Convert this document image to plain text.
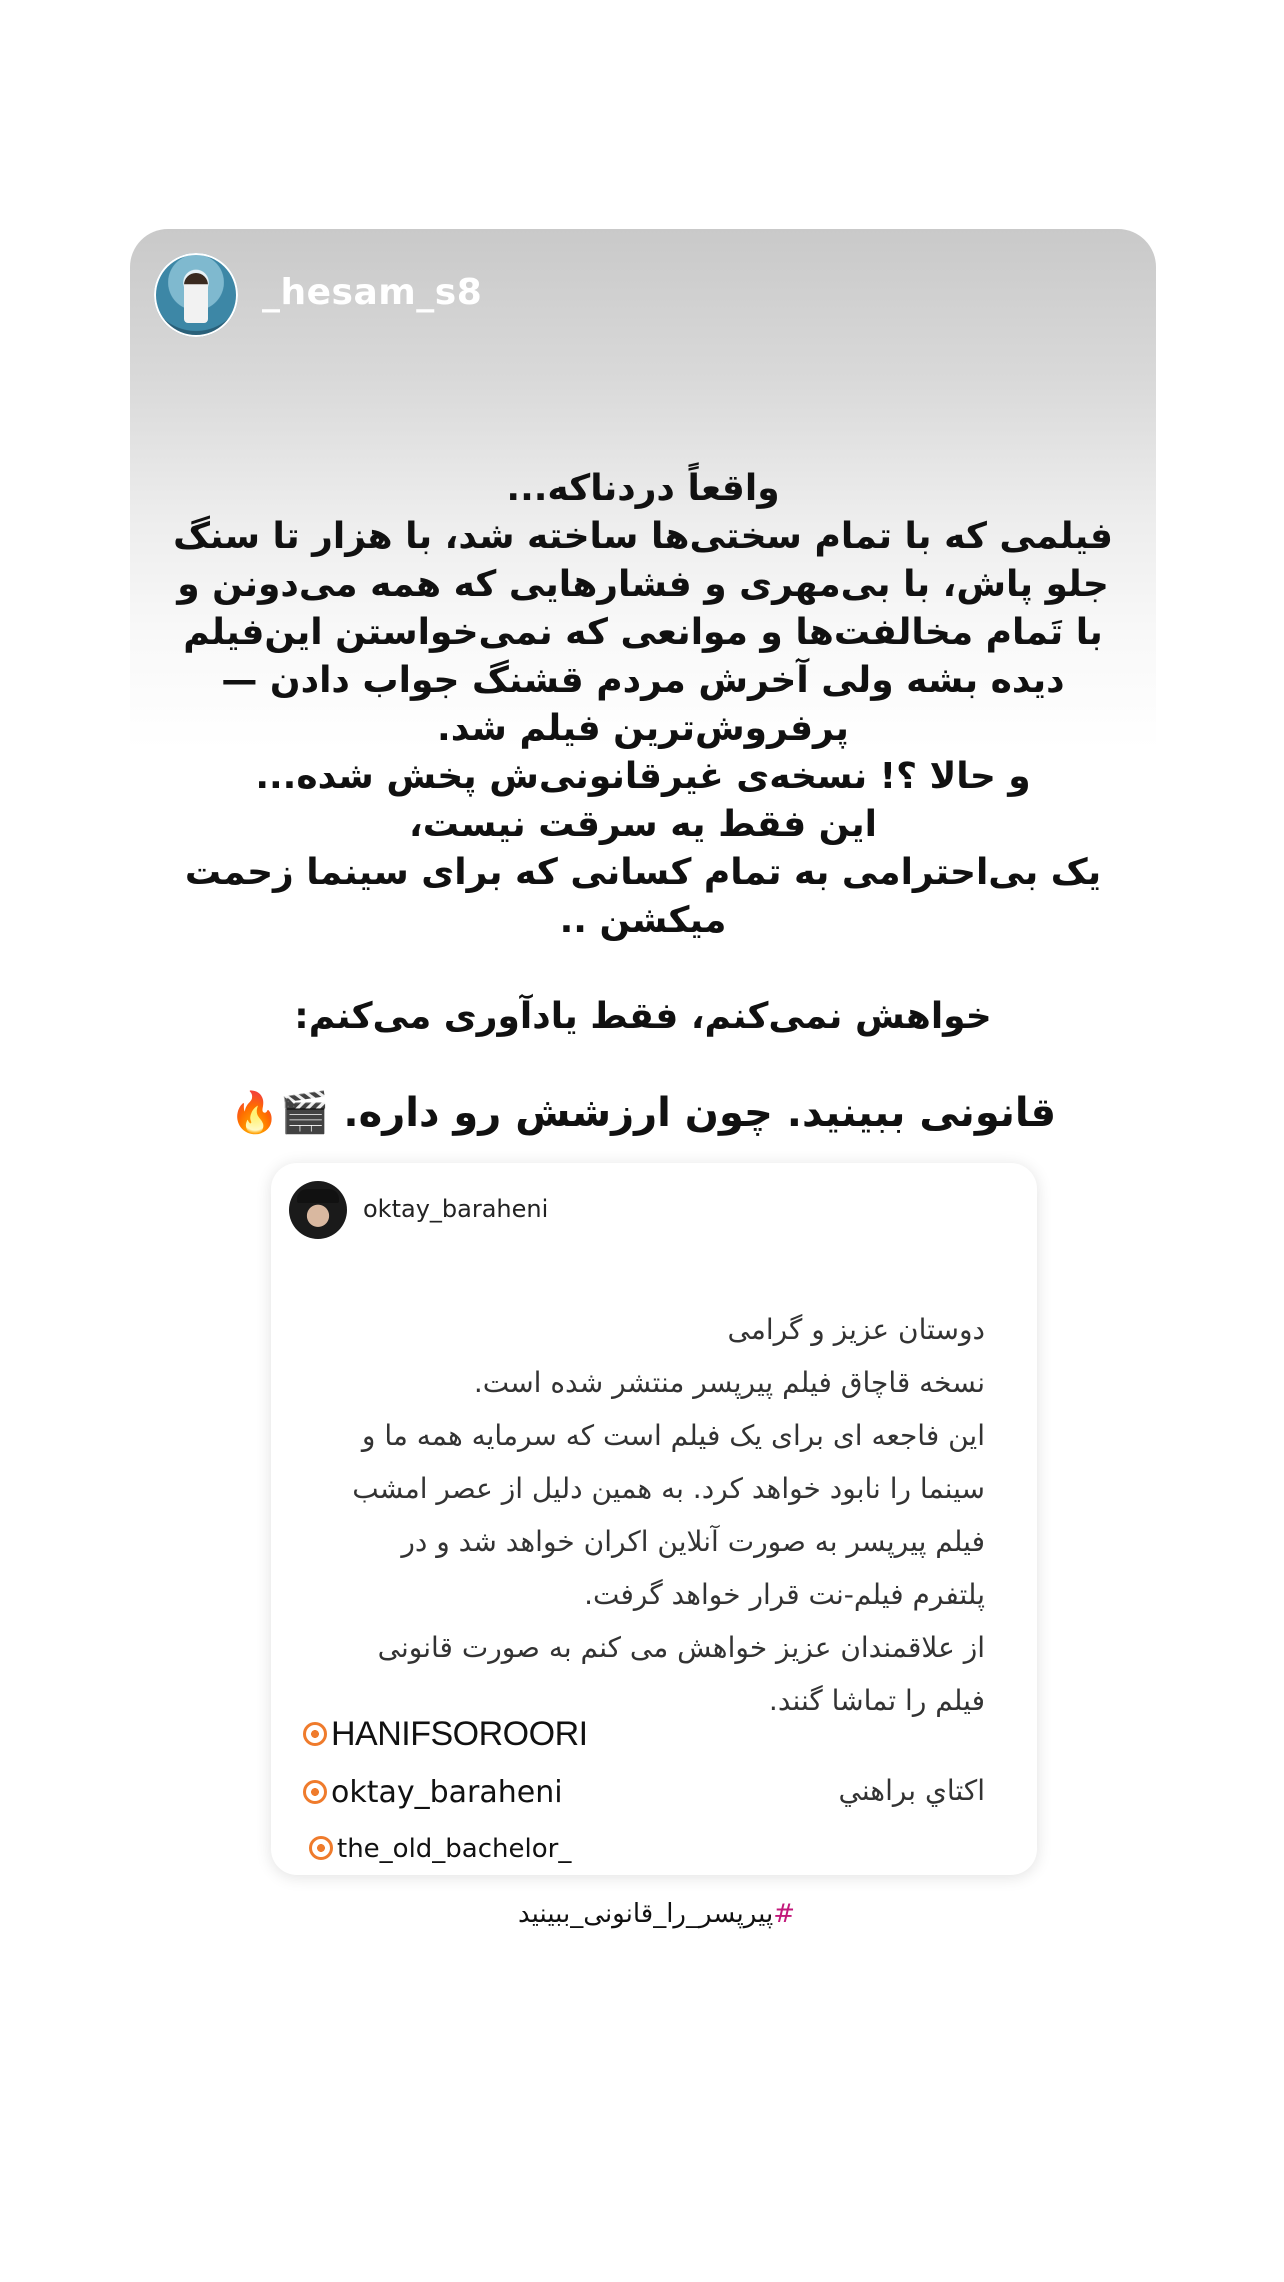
_hesam_s8
واقعاً دردناکه...
فیلمی که با تمام سختی‌ها ساخته شد، با هزار تا سنگ
جلو پاش، با بی‌مهری و فشارهایی که همه می‌دونن و
با تَمام مخالفت‌ها و موانعی که نمی‌خواستن این‌فیلم
دیده بشه ولی آخرش مردم قشنگ جواب دادن —
پرفروش‌ترین فیلم شد.
و حالا ؟! نسخه‌ی غیرقانونی‌ش پخش شده...
این فقط یه سرقت نیست،
یک بی‌احترامی به تمام کسانی که برای سینما زحمت
میکشن ..
خواهش نمی‌کنم، فقط یادآوری می‌کنم:
قانونی ببینید. چون ارزشش رو داره. 🎬🔥
oktay_baraheni
دوستان عزیز و گرامی
نسخه قاچاق فیلم پیرپسر منتشر شده است.
این فاجعه ای برای یک فیلم است که سرمایه همه ما و
سینما را نابود خواهد کرد. به همین دلیل از عصر امشب
فیلم پیرپسر به صورت آنلاین اکران خواهد شد و در
پلتفرم فیلم-نت قرار خواهد گرفت.
از علاقمندان عزیز خواهش می کنم به صورت قانونی
فیلم را تماشا گنند.
اکتاي براهني
HANIFSOROORI
oktay_baraheni
the_old_bachelor_
#پیرپسر_را_قانونی_ببینید
